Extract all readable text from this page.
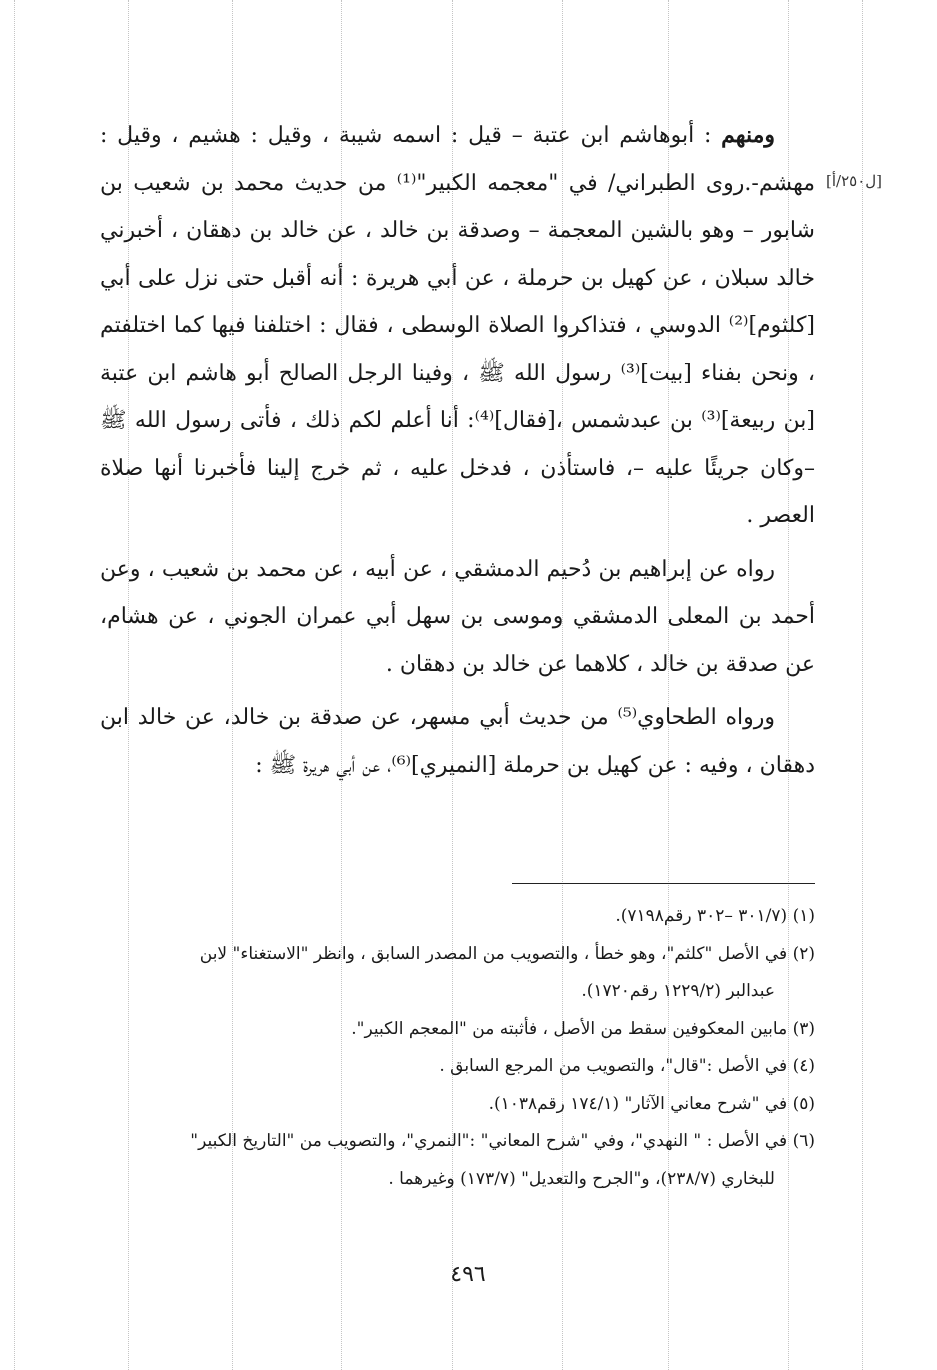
[ل٢٥٠/أ]

ومنهم : أبوهاشم ابن عتبة – قيل : اسمه شيبة ، وقيل : هشيم ، وقيل : مهشم-.روى الطبراني/ في "معجمه الكبير"⁽¹⁾ من حديث محمد بن شعيب بن شابور – وهو بالشين المعجمة – وصدقة بن خالد ، عن خالد بن دهقان ، أخبرني خالد سبلان ، عن كهيل بن حرملة ، عن أبي هريرة : أنه أقبل حتى نزل على أبي [كلثوم]⁽²⁾ الدوسي ، فتذاكروا الصلاة الوسطى ، فقال : اختلفنا فيها كما اختلفتم ، ونحن بفناء [بيت]⁽³⁾ رسول الله ﷺ ، وفينا الرجل الصالح أبو هاشم ابن عتبة [بن ربيعة]⁽³⁾ بن عبدشمس ،[فقال]⁽⁴⁾: أنا أعلم لكم ذلك ، فأتى رسول الله ﷺ –وكان جريئًا عليه –، فاستأذن ، فدخل عليه ، ثم خرج إلينا فأخبرنا أنها صلاة العصر .

رواه عن إبراهيم بن دُحيم الدمشقي ، عن أبيه ، عن محمد بن شعيب ، وعن أحمد بن المعلى الدمشقي وموسى بن سهل أبي عمران الجوني ، عن هشام، عن صدقة بن خالد ، كلاهما عن خالد بن دهقان .

ورواه الطحاوي⁽⁵⁾ من حديث أبي مسهر، عن صدقة بن خالد، عن خالد ابن دهقان ، وفيه : عن كهيل بن حرملة [النميري]⁽⁶⁾، عن أبي هريرة ﷺ :

(١) (٣٠١/٧ –٣٠٢ رقم٧١٩٨).

(٢) في الأصل "كلثم"، وهو خطأ ، والتصويب من المصدر السابق ، وانظر "الاستغناء" لابن

عبدالبر (١٢٢٩/٢ رقم١٧٢٠).

(٣) مابين المعكوفين سقط من الأصل ، فأثبته من "المعجم الكبير".

(٤) في الأصل :"قال"، والتصويب من المرجع السابق .

(٥) في "شرح معاني الآثار" (١٧٤/١ رقم١٠٣٨).

(٦) في الأصل : " النهدي"، وفي "شرح المعاني" :"النمري"، والتصويب من "التاريخ الكبير"

للبخاري (٢٣٨/٧)، و"الجرح والتعديل" (١٧٣/٧) وغيرهما .

٤٩٦
